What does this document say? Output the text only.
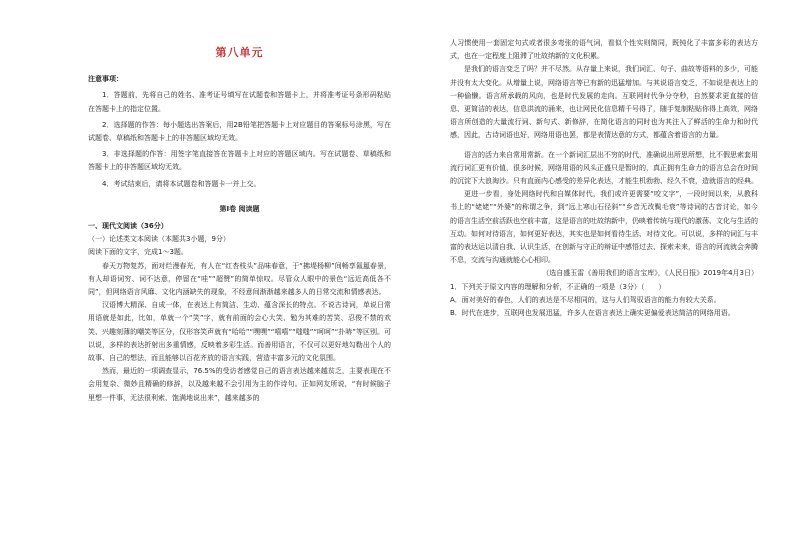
第八单元

注意事项：

1．答题前，先将自己的姓名、准考证号填写在试题卷和答题卡上，并将准考证号条形码粘贴在答题卡上的指定位置。

2．选择题的作答：每小题选出答案后，用2B铅笔把答题卡上对应题目的答案标号涂黑，写在试题卷、草稿纸和答题卡上的非答题区域均无效。

3．非选择题的作答：用签字笔直接答在答题卡上对应的答题区域内。写在试题卷、草稿纸和答题卡上的非答题区域均无效。

4．考试结束后，请将本试题卷和答题卡一并上交。

第Ⅰ卷 阅读题

一、现代文阅读（36分）

（一）论述类文本阅读（本题共3小题，9分）

阅读下面的文字，完成1～3题。

春天万物复苏，面对烂漫春光，有人在“红杏枝头”品味春意，于“拂堤杨柳”间畅享氤氲春景，有人却语词穷、词不达意，停留在“哇”“超赞”的简单惊叹。尽管众人眼中的景色“远近高低各不同”，但网络语言风靡、文化内涵缺失的现象，不经意间渐渐越来越多人的日常交流和情感表达。

汉语博大精深、自成一体，在表达上有简洁、生动、蕴含深长的特点。不说古诗词，单说日常用语就是如此，比如，单就一个“笑”字，就有前面的会心大笑、勉为其难的苦笑、忍俊不禁的欢笑、兴趣刻薄的嘲笑等区分，仅形容笑声就有“哈哈”“嘿嘿”“嘻嘻”“嗤嗤”“呵呵”“扑哧”等区别。可以说，多样的表达折射出多重情感，反映着多彩生活。而善用语言，不仅可以更好地勾勒出个人的故事、自己的想法，而且能够以百花齐放的语言实践，营造丰富多元的文化氛围。

然而，最近的一项调查显示，76.5%的受访者感觉自己的语言表达越来越贫乏，主要表现在不会用复杂、微妙且精确的修辞，以及越来越不会引用为主的作诗句。正如网友所说，“有时候脑子里想一件事，无法很利索、饱满地说出来”，越来越多的

人习惯使用一套固定句式或者很多弯张的语气词，看似个性实则简同，既钝化了丰富多彩的表达方式，也在一定程度上阻滞了吐故纳新的文化积累。

是我们的语言变乏了吗？并不尽然。从存量上来说，我们词汇、句子、曲故等语料的多少，可能并没有太大变化。从增量上说，网络语言等已有新的迅猛增加。与其说语言变乏，不如说是表达上的一种偷懒。语言所承载的风向，也是时代发展的走向。互联网时代争分夺秒，自然要求更直接的信息、更简洁的表达，信息洪流的涌来，也让网民化信息精千号得了，随手复制粘贴你得上高效，网络语言所创造的大量流行词、新句式、新修辞，在简化语言的同时也为其注入了鲜活的生命力和时代感，因此，古诗词语也好，网络用语也罢，都是表情达意的方式，都蕴含着语言的力量。

语言的活力来自常用常新。在一个新词汇层出不穷的时代，准确说出所思所想，比不假思索套用流行词汇更有价值，很多时候，网络用语的风头正盛只是暂时的，真正拥有生命力的语言总会在时间的沉淀下大浪淘沙。只有直面内心感受的差异化表达，才能生机勃勃、经久不衰，造就语言的经典。

更进一步看，身处网络时代和自媒体时代，我们或许更需要“咬文字”，一段时间以来，从教科书上的“姥姥”“外婆”的称谓之争，到“远上寒山石径斜”“乡音无改鬓毛衰”等诗词的古音讨论，如今的语言生活空前活跃也空前丰富，这是语言的吐故纳新中，仍映着传统与现代的激荡、文化与生活的互动。如何对待语言，如何更好表达，其实也是如何看待生活、对待文化。可以说，多样的词汇与丰富的表达运以清自我、认识生活，在创新与守正的辩证中感悟过去、探索未来，语言的河流就会奔腾不息，交流与沟通就能心心相印。

（选自盛玉雷《善用我们的语言宝库》，《人民日报》2019年4月3日）

1．下列关于原文内容的理解和分析，不正确的一项是（3分）（　　）

A．面对美好的春色，人们的表达是不尽相同的，这与人们驾驭语言的能力有较大关系。

B．时代在进步，互联网也发展迅猛，许多人在语言表达上确实更偏爱表达简洁的网络用语。
